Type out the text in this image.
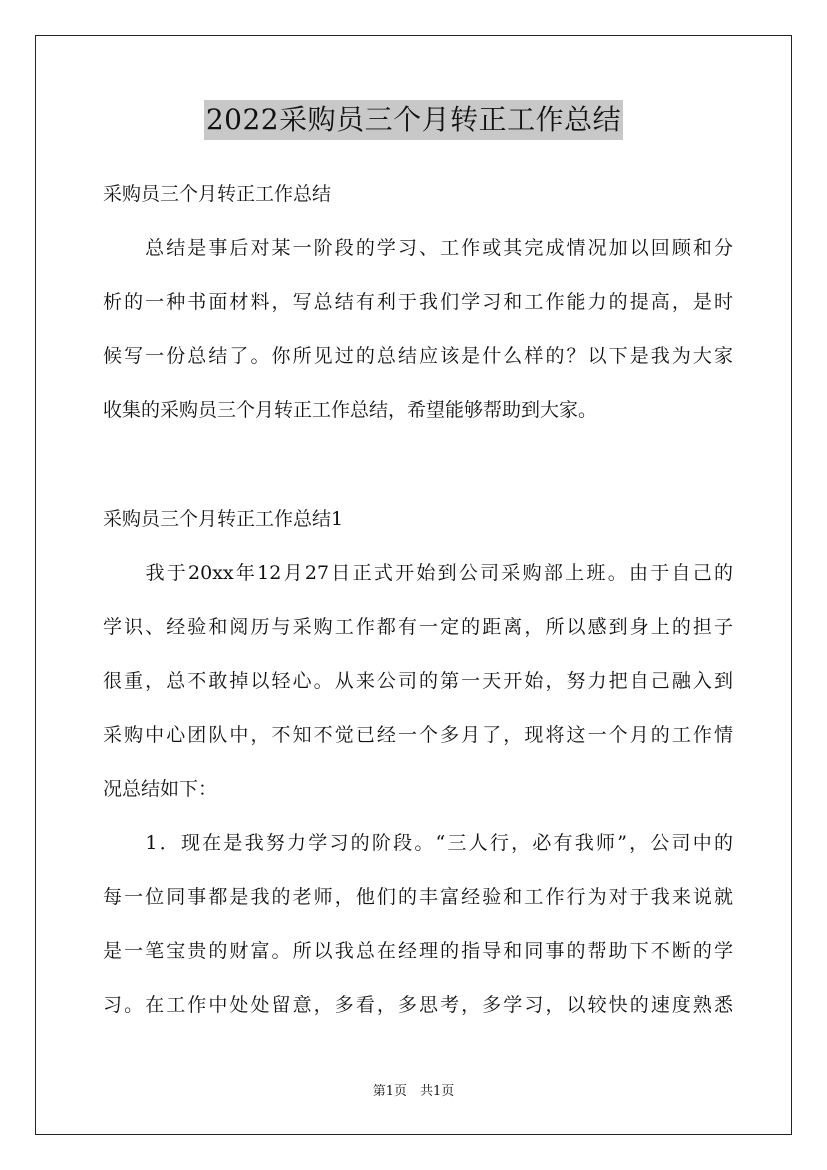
2022采购员三个月转正工作总结
采购员三个月转正工作总结
　　总结是事后对某一阶段的学习、工作或其完成情况加以回顾和分
析的一种书面材料，写总结有利于我们学习和工作能力的提高，是时
候写一份总结了。你所见过的总结应该是什么样的？以下是我为大家
收集的采购员三个月转正工作总结，希望能够帮助到大家。
采购员三个月转正工作总结1
　　我于20xx年12月27日正式开始到公司采购部上班。由于自己的
学识、经验和阅历与采购工作都有一定的距离，所以感到身上的担子
很重，总不敢掉以轻心。从来公司的第一天开始，努力把自己融入到
采购中心团队中，不知不觉已经一个多月了，现将这一个月的工作情
况总结如下：
　　1．现在是我努力学习的阶段。“三人行，必有我师”，公司中的
每一位同事都是我的老师，他们的丰富经验和工作行为对于我来说就
是一笔宝贵的财富。所以我总在经理的指导和同事的帮助下不断的学
习。在工作中处处留意，多看，多思考，多学习，以较快的速度熟悉
第1页　共1页
